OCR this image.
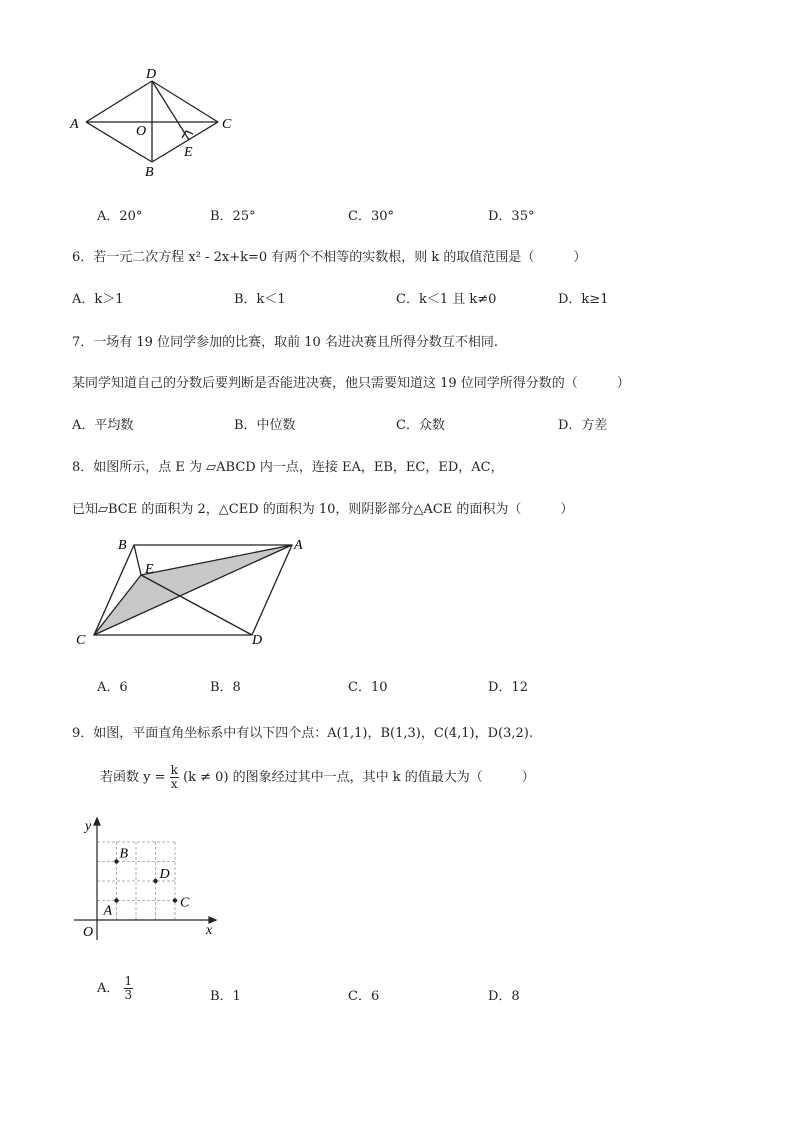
D
A	O	C
E
B
A．20°	B．25°	C．30°	D．35°
6．若一元二次方程 x² - 2x+k=0 有两个不相等的实数根，则 k 的取值范围是（　　　）
A．k＞1	B．k＜1	C．k＜1 且 k≠0	D．k≥1
7．一场有 19 位同学参加的比赛，取前 10 名进决赛且所得分数互不相同.
某同学知道自己的分数后要判断是否能进决赛，他只需要知道这 19 位同学所得分数的（　　　）
A．平均数	B．中位数	C．众数	D．方差
8．如图所示，点 E 为 ▱ABCD 内一点，连接 EA，EB，EC，ED，AC，
已知▱BCE 的面积为 2，△CED 的面积为 10，则阴影部分△ACE 的面积为（　　　）
B	A
E
C	D
A．6	B．8	C．10	D．12
9．如图，平面直角坐标系中有以下四个点：A(1,1)，B(1,3)，C(4,1)，D(3,2).
若函数 $y = \frac{k}{x} (k \ne 0)$ 的图象经过其中一点，其中 k 的值最大为（　　　）
A
B
C
D
y
x
O
A． $\frac{1}{3}$	B．1	C．6	D．8
